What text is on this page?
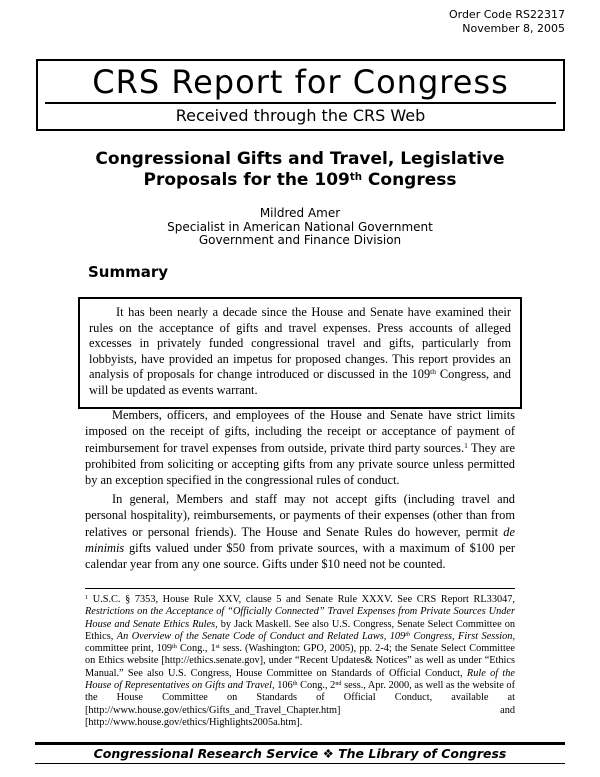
Order Code RS22317
November 8, 2005
CRS Report for Congress
Received through the CRS Web
Congressional Gifts and Travel, Legislative
Proposals for the 109th Congress
Mildred Amer
Specialist in American National Government
Government and Finance Division
Summary

It has been nearly a decade since the House and Senate have examined their rules on the acceptance of gifts and travel expenses. Press accounts of alleged excesses in privately funded congressional travel and gifts, particularly from lobbyists, have provided an impetus for proposed changes. This report provides an analysis of proposals for change introduced or discussed in the 109th Congress, and will be updated as events warrant.

Members, officers, and employees of the House and Senate have strict limits imposed on the receipt of gifts, including the receipt or acceptance of payment of reimbursement for travel expenses from outside, private third party sources.$^1$ They are prohibited from soliciting or accepting gifts from any private source unless permitted by an exception specified in the congressional rules of conduct.

In general, Members and staff may not accept gifts (including travel and personal hospitality), reimbursements, or payments of their expenses (other than from relatives or personal friends). The House and Senate Rules do however, permit de minimis gifts valued under $50 from private sources, with a maximum of $100 per calendar year from any one source. Gifts under $10 need not be counted.

$^1$ U.S.C. § 7353, House Rule XXV, clause 5 and Senate Rule XXXV. See CRS Report RL33047, Restrictions on the Acceptance of “Officially Connected” Travel Expenses from Private Sources Under House and Senate Ethics Rules, by Jack Maskell. See also U.S. Congress, Senate Select Committee on Ethics, An Overview of the Senate Code of Conduct and Related Laws, 109th Congress, First Session, committee print, 109th Cong., 1st sess. (Washington: GPO, 2005), pp. 2-4; the Senate Select Committee on Ethics website [http://ethics.senate.gov], under “Recent Updates& Notices” as well as under “Ethics Manual.” See also U.S. Congress, House Committee on Standards of Official Conduct, Rule of the House of Representatives on Gifts and Travel, 106th Cong., 2nd sess., Apr. 2000, as well as the website of the House Committee on Standards of Official Conduct, available at [http://www.house.gov/ethics/Gifts_and_Travel_Chapter.htm] and [http://www.house.gov/ethics/Highlights2005a.htm].
Congressional Research Service ❖ The Library of Congress
